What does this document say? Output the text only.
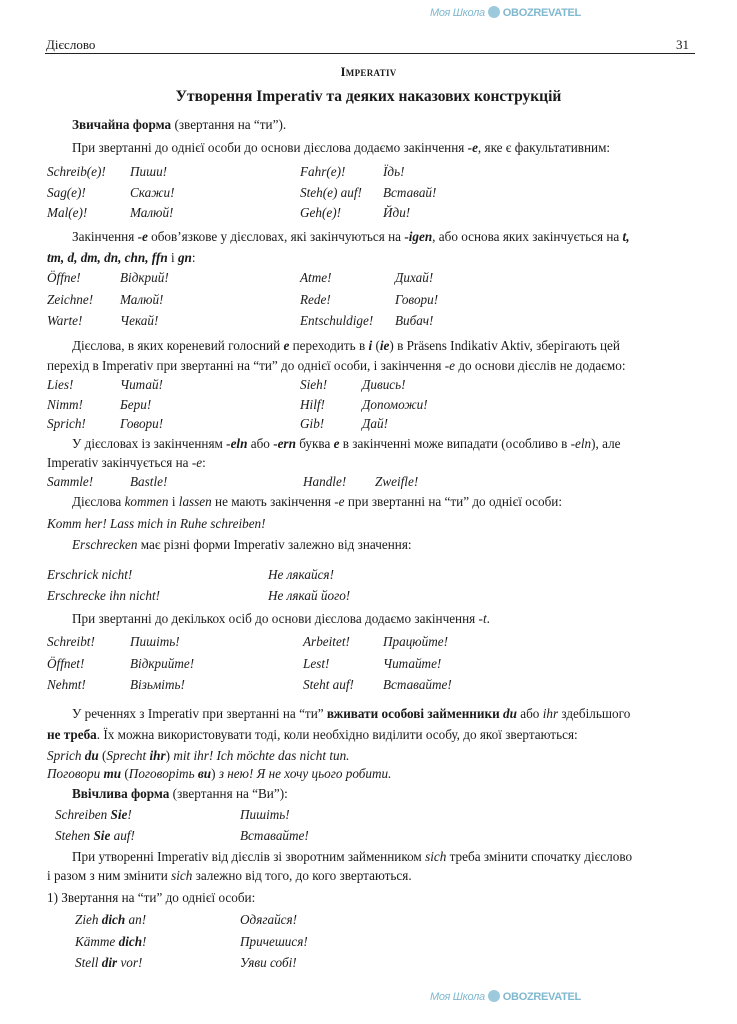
Моя Школа OBOZREVATEL
Моя Школа OBOZREVATEL
Дієслово	31
Imperativ
Утворення Imperativ та деяких наказових конструкцій
Звичайна форма (звертання на “ти”).
При звертанні до однієї особи до основи дієслова додаємо закінчення -e, яке є факультативним:
Закінчення -e обов’язкове у дієсловах, які закінчуються на -igen, або основа яких закінчується на t,
tm, d, dm, dn, chn, ffn і gn:
Дієслова, в яких кореневий голосний e переходить в i (ie) в Präsens Indikativ Aktiv, зберігають цей
перехід в Imperativ при звертанні на “ти” до однієї особи, і закінчення -e до основи дієслів не додаємо:
У дієсловах із закінченням -eln або -ern буква e в закінченні може випадати (особливо в -eln), але
Imperativ закінчується на -e:
Дієслова kommen і lassen не мають закінчення -e при звертанні на “ти” до однієї особи:
Komm her! Lass mich in Ruhe schreiben!
Erschrecken має різні форми Imperativ залежно від значення:
При звертанні до декількох осіб до основи дієслова додаємо закінчення -t.
У реченнях з Imperativ при звертанні на “ти” вживати особові займенники du або ihr здебільшого
не треба. Їх можна використовувати тоді, коли необхідно виділити особу, до якої звертаються:
Sprich du (Sprecht ihr) mit ihr! Ich möchte das nicht tun.
Поговори ти (Поговоріть ви) з нею! Я не хочу цього робити.
Ввічлива форма (звертання на “Ви”):
При утворенні Imperativ від дієслів зі зворотним займенником sich треба змінити спочатку дієслово
і разом з ним змінити sich залежно від того, до кого звертаються.
1) Звертання на “ти” до однієї особи:
Schreib(e)! Пиши!	Fahr(e)!	Їдь!
Sag(e)!	Скажи!	Steh(e) auf! Вставай!
Mal(e)!	Малюй!	Geh(e)!	Йди!
Öffne!	Відкрий!	Atme!	Дихай!
Zeichne! Малюй!	Rede!	Говори!
Warte!	Чекай!	Entschuldige! Вибач!
Lies!	Читай!	Sieh!	Дивись!
Nimm!	Бери!	Hilf!	Допоможи!
Sprich!	Говори!	Gib!	Дай!
Sammle!	Bastle!	Handle! Zweifle!
Erschrick nicht!	Не лякайся!
Erschrecke ihn nicht!	Не лякай його!
Schreibt!	Пишіть!	Arbeitet!	Працюйте!
Öffnet!	Відкрийте!	Lest!	Читайте!
Nehmt!	Візьміть!	Steht auf! Вставайте!
Schreiben Sie!	Пишіть!
Stehen Sie auf!	Вставайте!
Zieh dich an!	Одягайся!
Kämme dich!	Причешися!
Stell dir vor!	Уяви собі!
